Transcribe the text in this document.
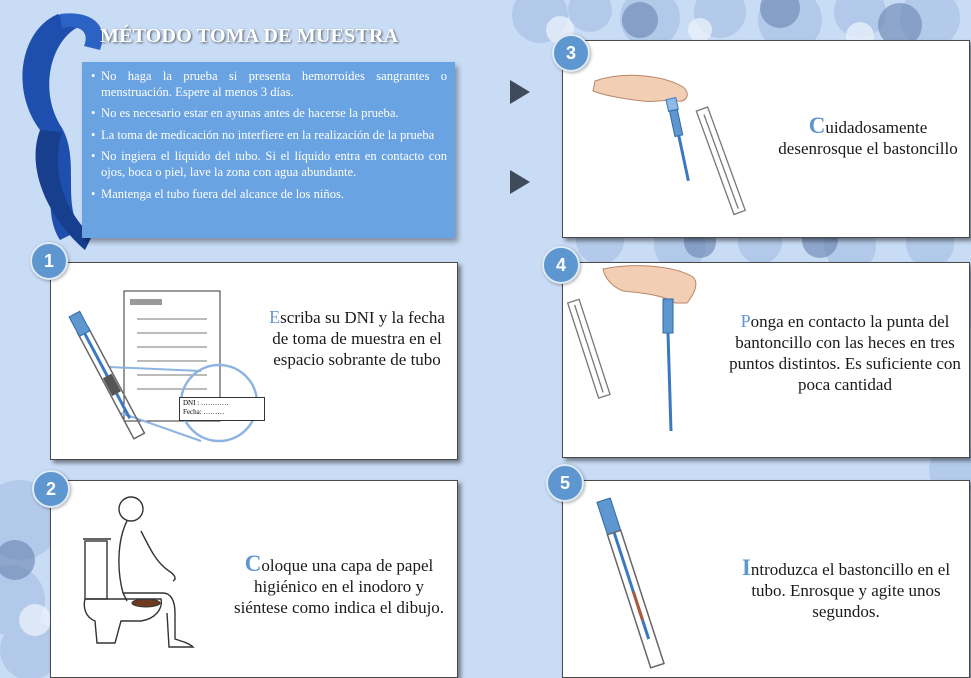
MÉTODO TOMA DE MUESTRA
• No haga la prueba si presenta hemorroides sangrantes o menstruación. Espere al menos 3 días.
• No es necesario estar en ayunas antes de hacerse la prueba.
• La toma de medicación no interfiere en la realización de la prueba
• No ingiera el líquido del tubo. Si el líquido entra en contacto con ojos, boca o piel, lave la zona con agua abundante.
• Mantenga el tubo fuera del alcance de los niños.
DNI : …………
Fecha: ………
Escriba su DNI y la fecha de toma de muestra en el espacio sobrante de tubo
1
Coloque una capa de papel higiénico en el inodoro y siéntese como indica el dibujo.
2
Cuidadosamente desenrosque el bastoncillo
3
Ponga en contacto la punta del bantoncillo con las heces en tres puntos distintos. Es suficiente con poca cantidad
4
Introduzca el bastoncillo en el tubo. Enrosque y agite unos segundos.
5
